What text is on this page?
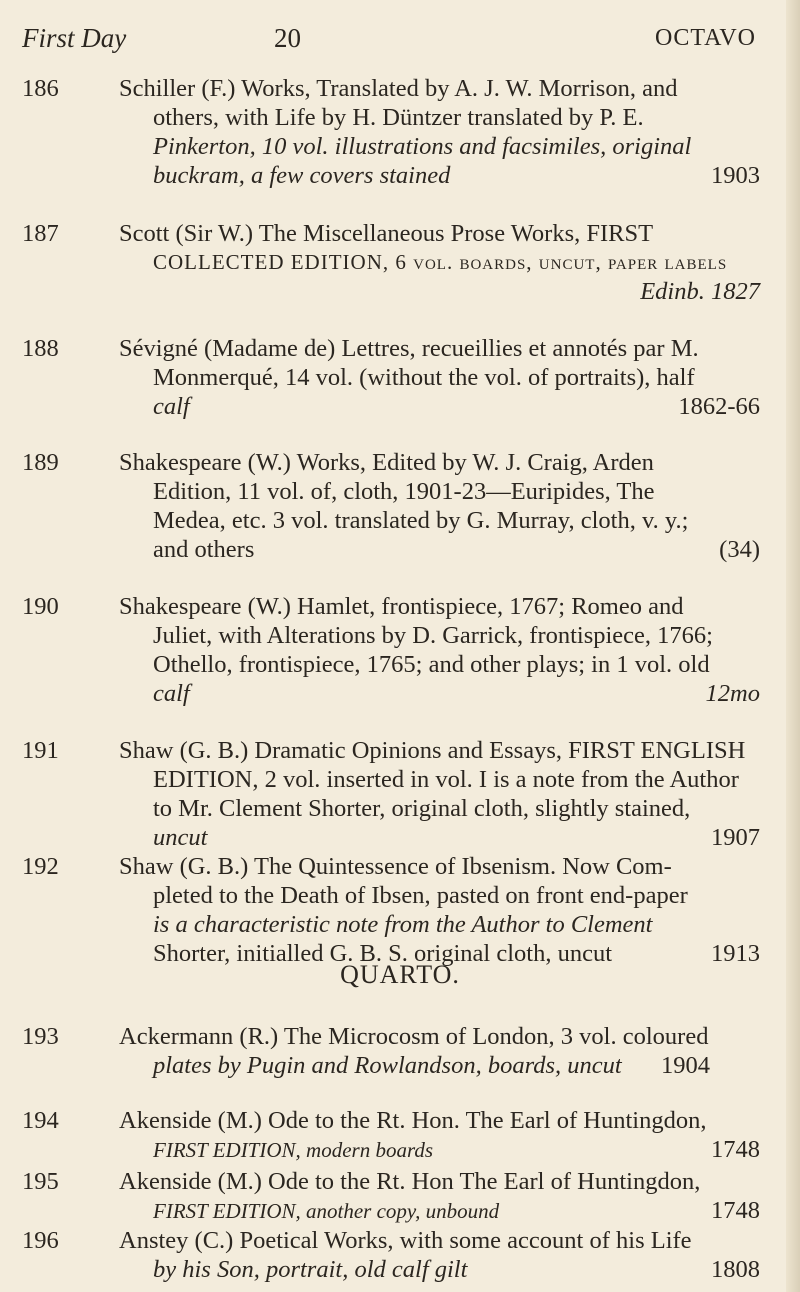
First Day	20	OCTAVO
186	Schiller (F.) Works, Translated by A. J. W. Morrison, and
others, with Life by H. Düntzer translated by P. E.
Pinkerton, 10 vol. illustrations and facsimiles, original
buckram, a few covers stained	1903
187	Scott (Sir W.) The Miscellaneous Prose Works, FIRST
COLLECTED EDITION, 6 vol. boards, uncut, paper labels
Edinb. 1827
188	Sévigné (Madame de) Lettres, recueillies et annotés par M.
Monmerqué, 14 vol. (without the vol. of portraits), half
calf	1862-66
189	Shakespeare (W.) Works, Edited by W. J. Craig, Arden
Edition, 11 vol. of, cloth, 1901-23—Euripides, The
Medea, etc. 3 vol. translated by G. Murray, cloth, v. y.;
and others	(34)
190	Shakespeare (W.) Hamlet, frontispiece, 1767; Romeo and
Juliet, with Alterations by D. Garrick, frontispiece, 1766;
Othello, frontispiece, 1765; and other plays; in 1 vol. old
calf	12mo
191	Shaw (G. B.) Dramatic Opinions and Essays, FIRST ENGLISH
EDITION, 2 vol. inserted in vol. I is a note from the Author
to Mr. Clement Shorter, original cloth, slightly stained,
uncut	1907
192	Shaw (G. B.) The Quintessence of Ibsenism. Now Com-
pleted to the Death of Ibsen, pasted on front end-paper
is a characteristic note from the Author to Clement
Shorter, initialled G. B. S. original cloth, uncut	1913
QUARTO.
193	Ackermann (R.) The Microcosm of London, 3 vol. coloured
plates by Pugin and Rowlandson, boards, uncut 1904
194	Akenside (M.) Ode to the Rt. Hon. The Earl of Huntingdon,
FIRST EDITION, modern boards	1748
195	Akenside (M.) Ode to the Rt. Hon The Earl of Huntingdon,
FIRST EDITION, another copy, unbound	1748
196	Anstey (C.) Poetical Works, with some account of his Life
by his Son, portrait, old calf gilt	1808
